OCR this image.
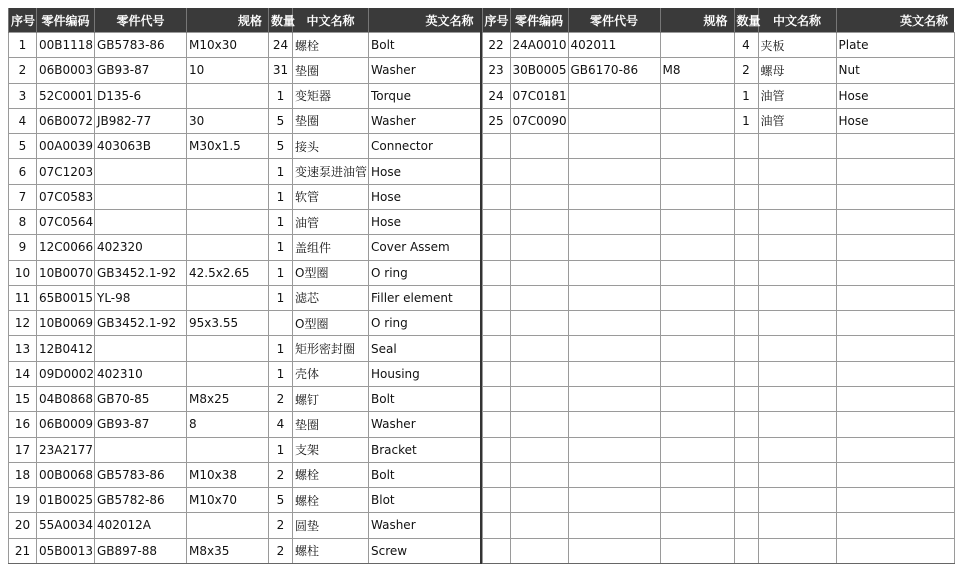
序号	零件编码	零件代号	规格	数量	中文名称	英文名称
1	00B1118	GB5783-86	M10x30	24	螺栓	Bolt
2	06B0003	GB93-87	10	31	垫圈	Washer
3	52C0001	D135-6		1	变矩器	Torque
4	06B0072	JB982-77	30	5	垫圈	Washer
5	00A0039	403063B	M30x1.5	5	接头	Connector
6	07C1203			1	变速泵进油管	Hose
7	07C0583			1	软管	Hose
8	07C0564			1	油管	Hose
9	12C0066	402320		1	盖组件	Cover Assem
10	10B0070	GB3452.1-92	42.5x2.65	1	O型圈	O ring
11	65B0015	YL-98		1	滤芯	Filler element
12	10B0069	GB3452.1-92	95x3.55		O型圈	O ring
13	12B0412			1	矩形密封圈	Seal
14	09D0002	402310		1	壳体	Housing
15	04B0868	GB70-85	M8x25	2	螺钉	Bolt
16	06B0009	GB93-87	8	4	垫圈	Washer
17	23A2177			1	支架	Bracket
18	00B0068	GB5783-86	M10x38	2	螺栓	Bolt
19	01B0025	GB5782-86	M10x70	5	螺栓	Blot
20	55A0034	402012A		2	圆垫	Washer
21	05B0013	GB897-88	M8x35	2	螺柱	Screw
序号	零件编码	零件代号	规格	数量	中文名称	英文名称
22	24A0010	402011		4	夹板	Plate
23	30B0005	GB6170-86	M8	2	螺母	Nut
24	07C0181			1	油管	Hose
25	07C0090			1	油管	Hose
